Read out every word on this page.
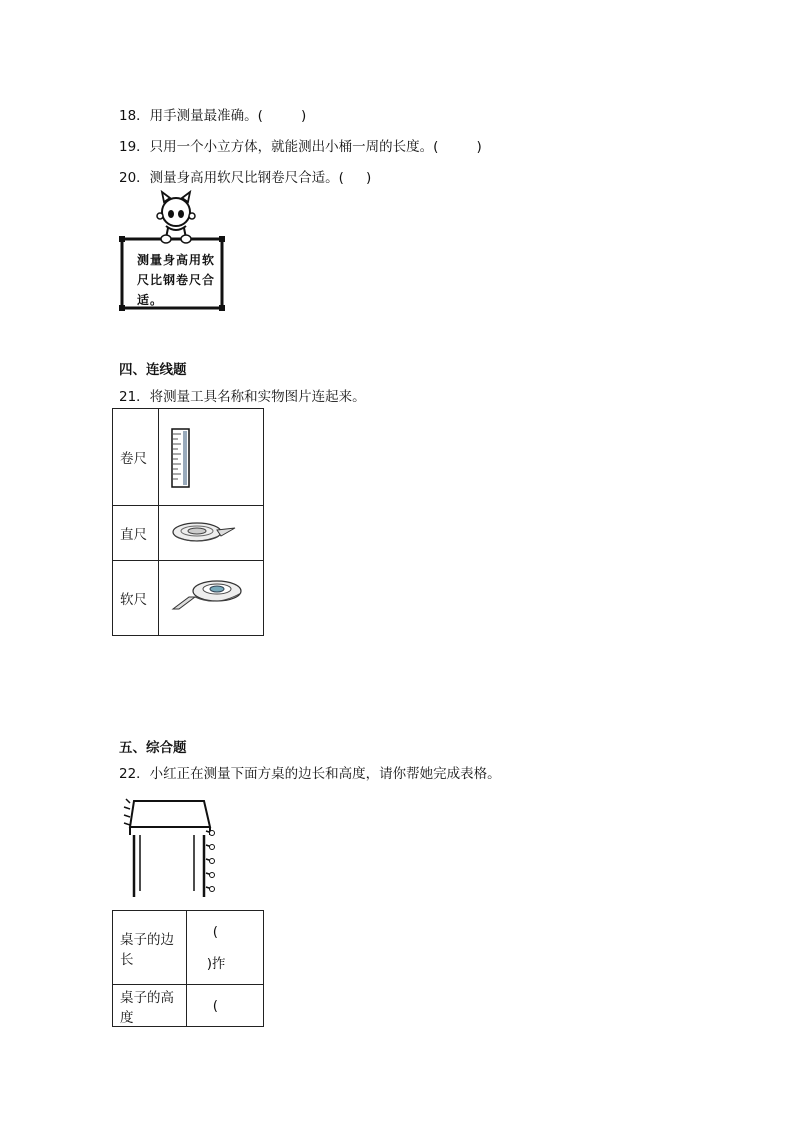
18．用手测量最准确。(	)
19．只用一个小立方体，就能测出小桶一周的长度。(	)
20．测量身高用软尺比钢卷尺合适。( )
测量身高用软尺比钢卷尺合适。
四、连线题
21．将测量工具名称和实物图片连起来。
卷尺	
直尺	
软尺	
五、综合题
22．小红正在测量下面方桌的边长和高度，请你帮她完成表格。
桌子的边长	(
)拃

桌子的高度	(
